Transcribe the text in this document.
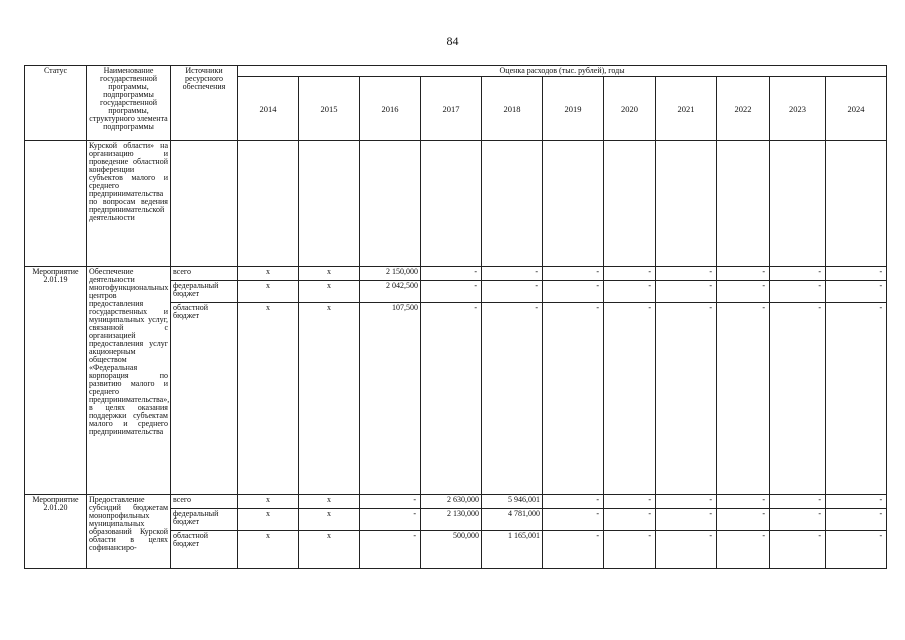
84
Статус	Наименование государственной программы, подпрограммы государственной программы, структурного элемента подпрограммы	Источники ресурсного обеспечения	Оценка расходов (тыс. рублей), годы										
			2014	2015	2016	2017	2018	2019	2020	2021	2022	2023	2024
	Курской области» на организацию и проведение областной конференции субъектов малого и среднего предпринимательства по вопросам ведения предпринимательской деятельности												
Мероприятие 2.01.19	Обеспечение деятельности многофункциональных центров предоставления государственных и муниципальных услуг, связанной с организацией предоставления услуг акционерным обществом «Федеральная корпорация по развитию малого и среднего предпринимательства», в целях оказания поддержки субъектам малого и среднего предпринимательства	всего	х	х	2 150,000	-	-	-	-	-	-	-	-
		федеральный бюджет	х	х	2 042,500	-	-	-	-	-	-	-	-
		областной бюджет	х	х	107,500	-	-	-	-	-	-	-	-
Мероприятие 2.01.20	Предоставление субсидий бюджетам монопрофильных муниципальных образований Курской области в целях софинансиро-	всего	х	х	-	2 630,000	5 946,001	-	-	-	-	-	-
		федеральный бюджет	х	х	-	2 130,000	4 781,000	-	-	-	-	-	-
		областной бюджет	х	х	-	500,000	1 165,001	-	-	-	-	-	-
